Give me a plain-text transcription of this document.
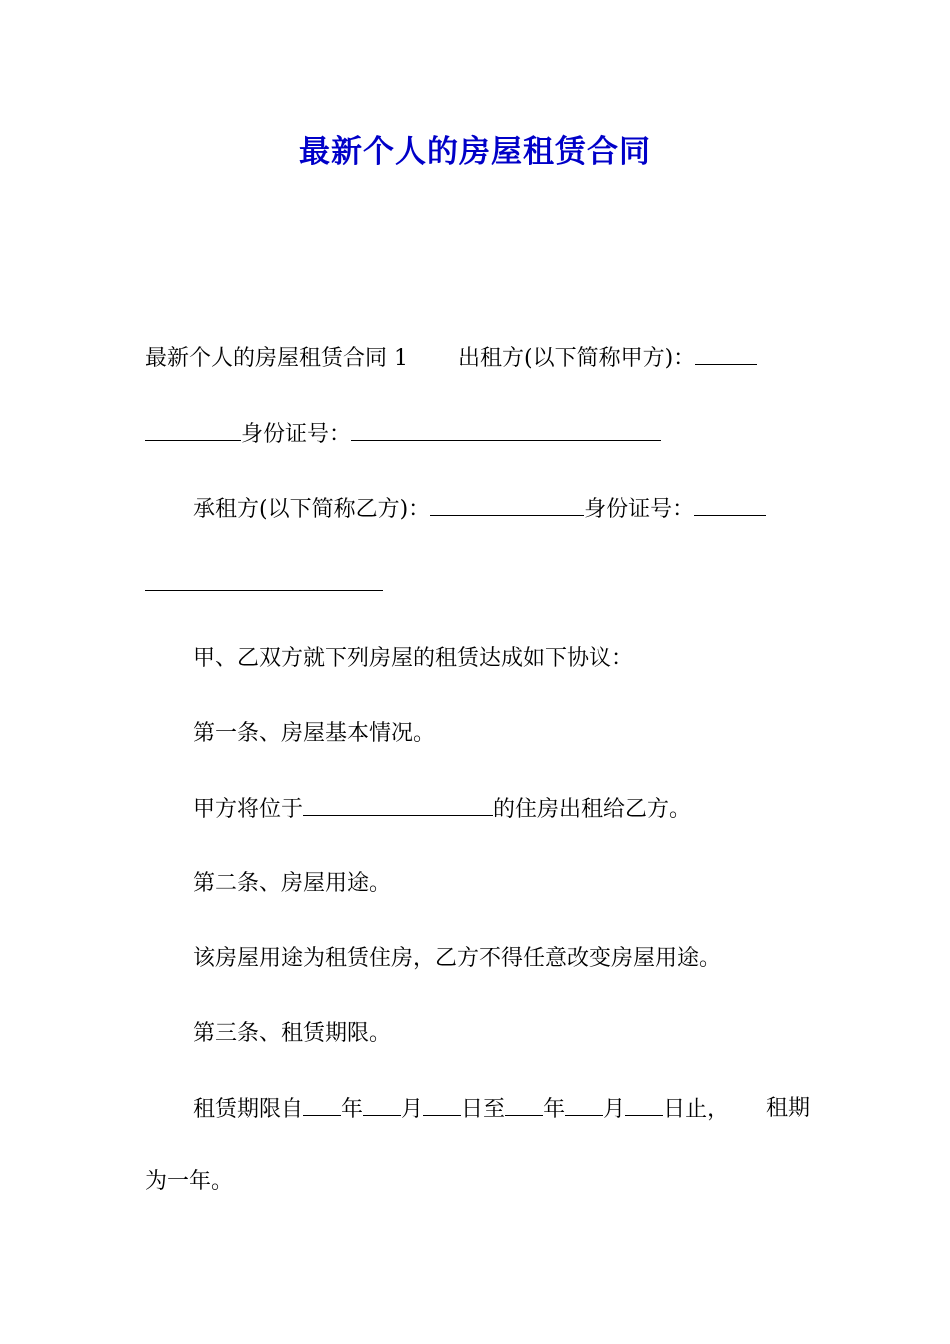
最新个人的房屋租赁合同
最新个人的房屋租赁合同 1 出租方(以下简称甲方)：
身份证号：
承租方(以下简称乙方)：	身份证号：
甲、乙双方就下列房屋的租赁达成如下协议：
第一条、房屋基本情况。
甲方将位于	的住房出租给乙方。
第二条、房屋用途。
该房屋用途为租赁住房，乙方不得任意改变房屋用途。
第三条、租赁期限。
租赁期限自 年 月 日至 年 月 日止， 租期
为一年。
